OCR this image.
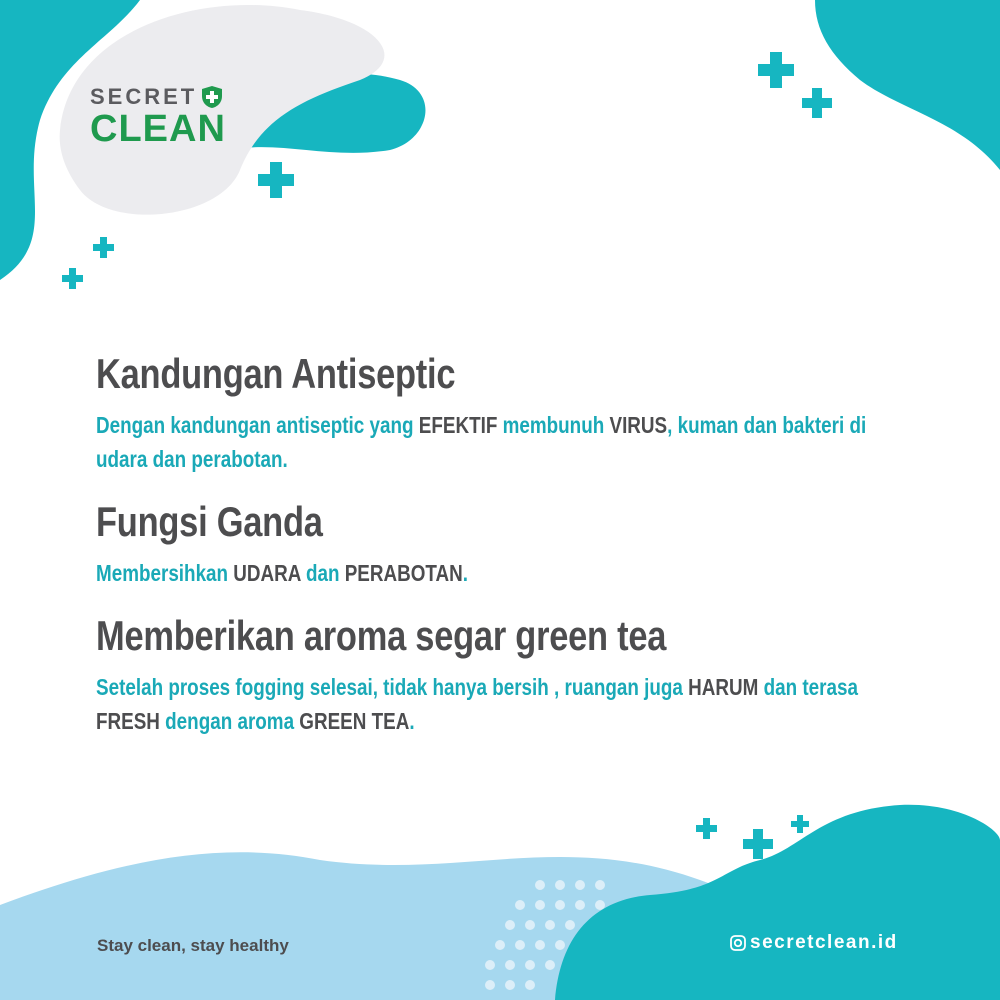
SECRET
CLEAN
Kandungan Antiseptic

Dengan kandungan antiseptic yang EFEKTIF membunuh VIRUS, kuman dan bakteri di
udara dan perabotan.

Fungsi Ganda

Membersihkan UDARA dan PERABOTAN.

Memberikan aroma segar green tea

Setelah proses fogging selesai, tidak hanya bersih , ruangan juga HARUM dan terasa
FRESH dengan aroma GREEN TEA.

Stay clean, stay healthy	secretclean.id
